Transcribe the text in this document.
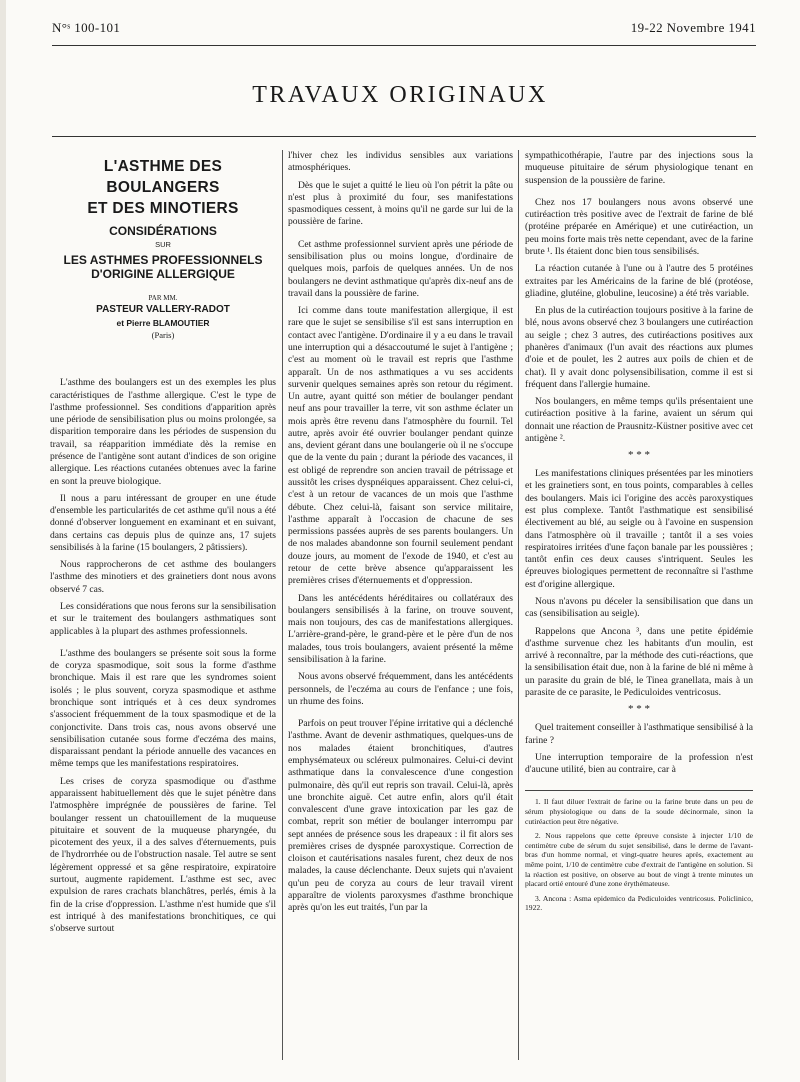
N°ˢ 100-101	19-22 Novembre 1941
TRAVAUX ORIGINAUX
L'ASTHME DES BOULANGERS
ET DES MINOTIERS
CONSIDÉRATIONS
SUR
LES ASTHMES PROFESSIONNELS
D'ORIGINE ALLERGIQUE
PAR MM.
PASTEUR VALLERY-RADOT
et Pierre BLAMOUTIER
(Paris)

L'asthme des boulangers est un des exemples les plus caractéristiques de l'asthme allergique. C'est le type de l'asthme professionnel. Ses conditions d'apparition après une période de sensibilisation plus ou moins prolongée, sa disparition temporaire dans les périodes de suspension du travail, sa réapparition immédiate dès la remise en présence de l'antigène sont autant d'indices de son origine allergique. Les réactions cutanées obtenues avec la farine en sont la preuve biologique.

Il nous a paru intéressant de grouper en une étude d'ensemble les particularités de cet asthme qu'il nous a été donné d'observer longuement en examinant et en suivant, dans certains cas depuis plus de quinze ans, 17 sujets sensibilisés à la farine (15 boulangers, 2 pâtissiers).

Nous rapprocherons de cet asthme des boulangers l'asthme des minotiers et des grainetiers dont nous avons observé 7 cas.

Les considérations que nous ferons sur la sensibilisation et sur le traitement des boulangers asthmatiques sont applicables à la plupart des asthmes professionnels.

L'asthme des boulangers se présente soit sous la forme de coryza spasmodique, soit sous la forme d'asthme bronchique. Mais il est rare que les syndromes soient isolés ; le plus souvent, coryza spasmodique et asthme bronchique sont intriqués et à ces deux syndromes s'associent fréquemment de la toux spasmodique et de la conjonctivite. Dans trois cas, nous avons observé une sensibilisation cutanée sous forme d'eczéma des mains, disparaissant pendant la période annuelle des vacances en même temps que les manifestations respiratoires.

Les crises de coryza spasmodique ou d'asthme apparaissent habituellement dès que le sujet pénètre dans l'atmosphère imprégnée de poussières de farine. Tel boulanger ressent un chatouillement de la muqueuse pituitaire et souvent de la muqueuse pharyngée, du picotement des yeux, il a des salves d'éternuements, puis de l'hydrorrhée ou de l'obstruction nasale. Tel autre se sent légèrement oppressé et sa gêne respiratoire, expiratoire surtout, augmente rapidement. L'asthme est sec, avec expulsion de rares crachats blanchâtres, perlés, émis à la fin de la crise d'oppression. L'asthme n'est humide que s'il est intriqué à des manifestations bronchitiques, ce qui s'observe surtout

l'hiver chez les individus sensibles aux variations atmosphériques.

Dès que le sujet a quitté le lieu où l'on pétrit la pâte ou n'est plus à proximité du four, ses manifestations spasmodiques cessent, à moins qu'il ne garde sur lui de la poussière de farine.

Cet asthme professionnel survient après une période de sensibilisation plus ou moins longue, d'ordinaire de quelques mois, parfois de quelques années. Un de nos boulangers ne devint asthmatique qu'après dix-neuf ans de travail dans la poussière de farine.

Ici comme dans toute manifestation allergique, il est rare que le sujet se sensibilise s'il est sans interruption en contact avec l'antigène. D'ordinaire il y a eu dans le travail une interruption qui a désaccoutumé le sujet à l'antigène ; c'est au moment où le travail est repris que l'asthme apparaît. Un de nos asthmatiques a vu ses accidents survenir quelques semaines après son retour du régiment. Un autre, ayant quitté son métier de boulanger pendant neuf ans pour travailler la terre, vit son asthme éclater un mois après être revenu dans l'atmosphère du fournil. Tel autre, après avoir été ouvrier boulanger pendant quinze ans, devient gérant dans une boulangerie où il ne s'occupe que de la vente du pain ; durant la période des vacances, il est obligé de reprendre son ancien travail de pétrissage et aussitôt les crises dyspnéiques apparaissent. Chez celui-ci, c'est à un retour de vacances de un mois que l'asthme débute. Chez celui-là, faisant son service militaire, l'asthme apparaît à l'occasion de chacune de ses permissions passées auprès de ses parents boulangers. Un de nos malades abandonne son fournil seulement pendant douze jours, au moment de l'exode de 1940, et c'est au retour de cette brève absence qu'apparaissent les premières crises d'éternuements et d'oppression.

Dans les antécédents héréditaires ou collatéraux des boulangers sensibilisés à la farine, on trouve souvent, mais non toujours, des cas de manifestations allergiques. L'arrière-grand-père, le grand-père et le père d'un de nos malades, tous trois boulangers, avaient présenté la même sensibilisation à la farine.

Nous avons observé fréquemment, dans les antécédents personnels, de l'eczéma au cours de l'enfance ; une fois, un rhume des foins.

Parfois on peut trouver l'épine irritative qui a déclenché l'asthme. Avant de devenir asthmatiques, quelques-uns de nos malades étaient bronchitiques, d'autres emphysémateux ou scléreux pulmonaires. Celui-ci devint asthmatique dans la convalescence d'une congestion pulmonaire, dès qu'il eut repris son travail. Celui-là, après une bronchite aiguë. Cet autre enfin, alors qu'il était convalescent d'une grave intoxication par les gaz de combat, reprit son métier de boulanger interrompu par sept années de présence sous les drapeaux : il fit alors ses premières crises de dyspnée paroxystique. Correction de cloison et cautérisations nasales furent, chez deux de nos malades, la cause déclenchante. Deux sujets qui n'avaient qu'un peu de coryza au cours de leur travail virent apparaître de violents paroxysmes d'asthme bronchique après qu'on les eut traités, l'un par la

sympathicothérapie, l'autre par des injections sous la muqueuse pituitaire de sérum physiologique tenant en suspension de la poussière de farine.

Chez nos 17 boulangers nous avons observé une cutiréaction très positive avec de l'extrait de farine de blé (protéine préparée en Amérique) et une cutiréaction, un peu moins forte mais très nette cependant, avec de la farine brute ¹. Ils étaient donc bien tous sensibilisés.

La réaction cutanée à l'une ou à l'autre des 5 protéines extraites par les Américains de la farine de blé (protéose, gliadine, glutéine, globuline, leucosine) a été très variable.

En plus de la cutiréaction toujours positive à la farine de blé, nous avons observé chez 3 boulangers une cutiréaction au seigle ; chez 3 autres, des cutiréactions positives aux phanères d'animaux (l'un avait des réactions aux plumes d'oie et de poulet, les 2 autres aux poils de chien et de chat). Il y avait donc polysensibilisation, comme il est si fréquent dans l'allergie humaine.

Nos boulangers, en même temps qu'ils présentaient une cutiréaction positive à la farine, avaient un sérum qui donnait une réaction de Prausnitz-Küstner positive avec cet antigène ².

* * *

Les manifestations cliniques présentées par les minotiers et les grainetiers sont, en tous points, comparables à celles des boulangers. Mais ici l'origine des accès paroxystiques est plus complexe. Tantôt l'asthmatique est sensibilisé électivement au blé, au seigle ou à l'avoine en suspension dans l'atmosphère où il travaille ; tantôt il a ses voies respiratoires irritées d'une façon banale par les poussières ; tantôt enfin ces deux causes s'intriquent. Seules les épreuves biologiques permettent de reconnaître si l'asthme est d'origine allergique.

Nous n'avons pu déceler la sensibilisation que dans un cas (sensibilisation au seigle).

Rappelons que Ancona ³, dans une petite épidémie d'asthme survenue chez les habitants d'un moulin, est arrivé à reconnaître, par la méthode des cuti-réactions, que la sensibilisation était due, non à la farine de blé ni même à un parasite du grain de blé, le Tinea granellata, mais à un parasite de ce parasite, le Pediculoides ventricosus.

* * *

Quel traitement conseiller à l'asthmatique sensibilisé à la farine ?

Une interruption temporaire de la profession n'est d'aucune utilité, bien au contraire, car à

1. Il faut diluer l'extrait de farine ou la farine brute dans un peu de sérum physiologique ou dans de la soude décinormale, sinon la cutiréaction peut être négative.

2. Nous rappelons que cette épreuve consiste à injecter 1/10 de centimètre cube de sérum du sujet sensibilisé, dans le derme de l'avant-bras d'un homme normal, et vingt-quatre heures après, exactement au même point, 1/10 de centimètre cube d'extrait de l'antigène en solution. Si la réaction est positive, on observe au bout de vingt à trente minutes un placard ortié entouré d'une zone érythémateuse.

3. Ancona : Asma epidemico da Pediculoides ventricosus. Policlinico, 1922.
